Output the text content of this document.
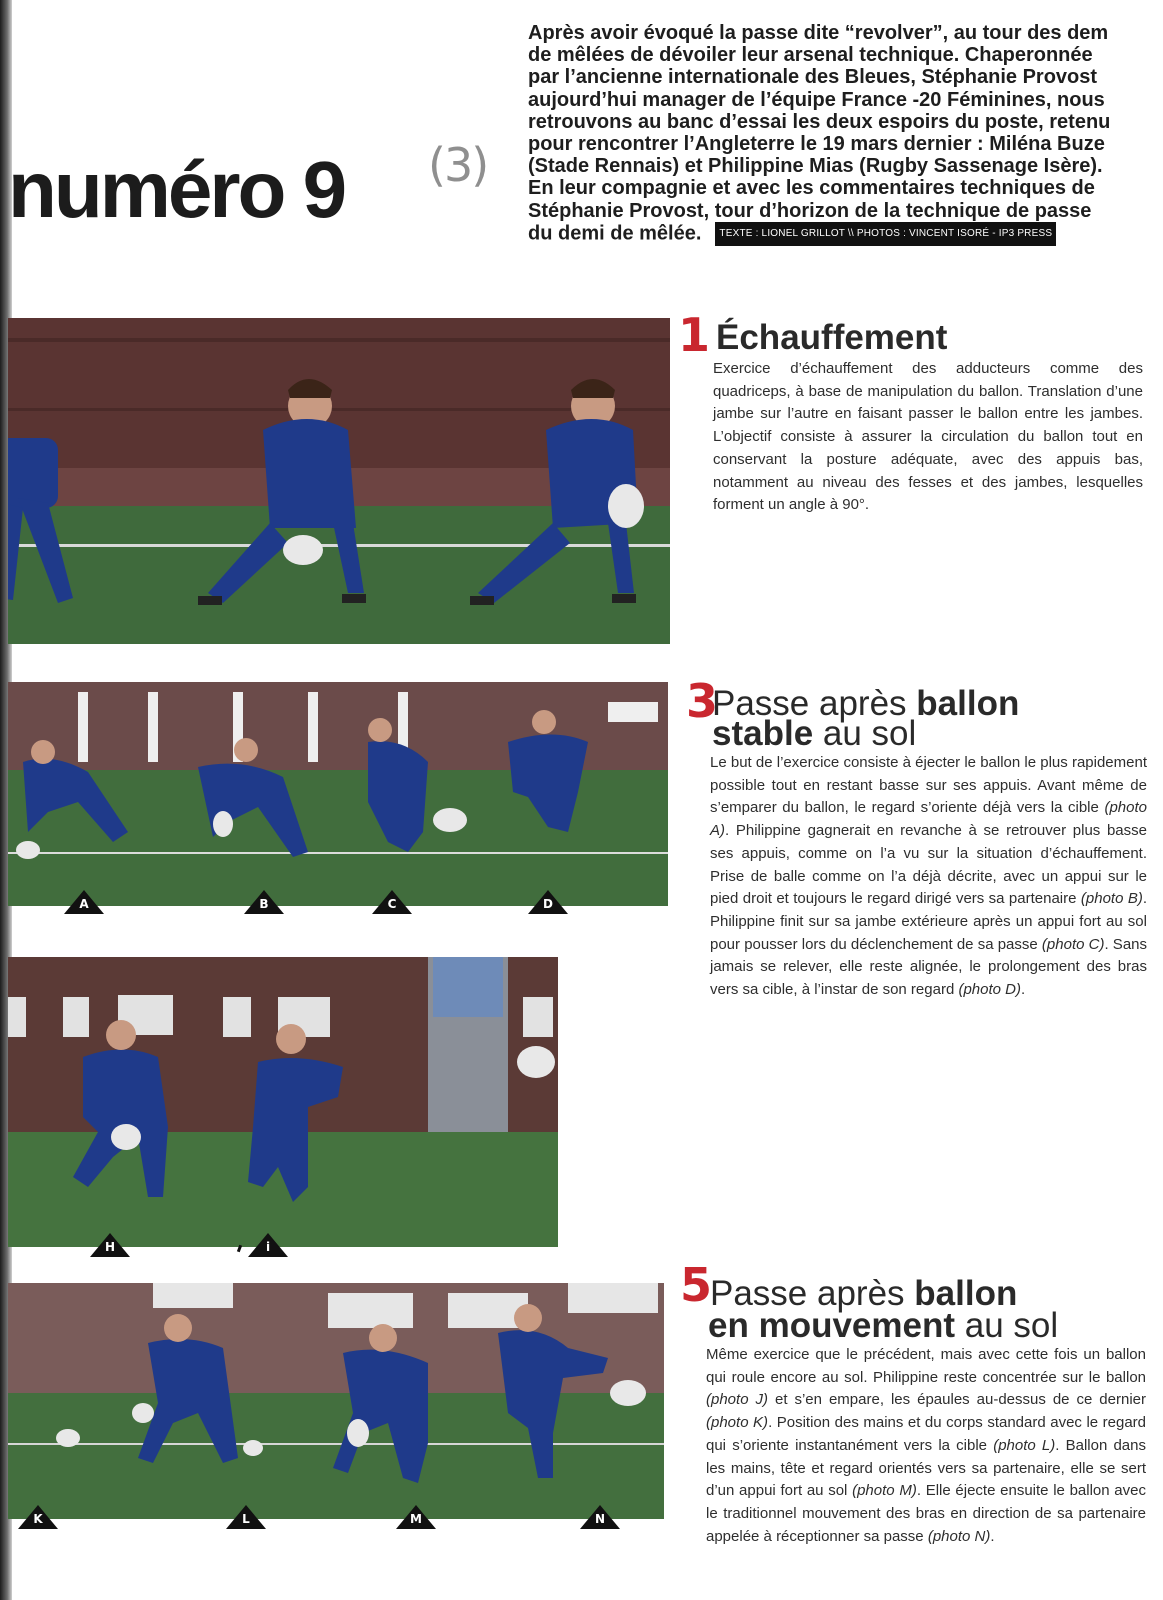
numéro 9 (3)

Après avoir évoqué la passe dite “revolver”, au tour des dem

de mêlées de dévoiler leur arsenal technique. Chaperonnée

par l’ancienne internationale des Bleues, Stéphanie Provost

aujourd’hui manager de l’équipe France -20 Féminines, nous

retrouvons au banc d’essai les deux espoirs du poste, retenu

pour rencontrer l’Angleterre le 19 mars dernier : Miléna Buze

(Stade Rennais) et Philippine Mias (Rugby Sassenage Isère).

En leur compagnie et avec les commentaires techniques de

Stéphanie Provost, tour d’horizon de la technique de passe

du demi de mêlée. TEXTE : LIONEL GRILLOT \\ PHOTOS : VINCENT ISORÉ - IP3 PRESS

1 Échauffement
Exercice d’échauffement des adducteurs comme des quadriceps, à base de manipulation du ballon. Translation d’une jambe sur l’autre en faisant passer le ballon entre les jambes. L’objectif consiste à assurer la circulation du ballon tout en conservant la posture adéquate, avec des appuis bas, notamment au niveau des fesses et des jambes, lesquelles forment un angle à 90°.
A	B	C	D
3
Passe après ballon
stable au sol
Le but de l’exercice consiste à éjecter le ballon le plus rapidement possible tout en restant basse sur ses appuis. Avant même de s’emparer du ballon, le regard s’oriente déjà vers la cible (photo A). Philippine gagnerait en revanche à se retrouver plus basse ses appuis, comme on l’a vu sur la situation d’échauffement. Prise de balle comme on l’a déjà décrite, avec un appui sur le pied droit et toujours le regard dirigé vers sa partenaire (photo B). Philippine finit sur sa jambe extérieure après un appui fort au sol pour pousser lors du déclenchement de sa passe (photo C). Sans jamais se relever, elle reste alignée, le prolongement des bras vers sa cible, à l’instar de son regard (photo D).
H	i
K	L	M	N
5
Passe après ballon
en mouvement au sol
Même exercice que le précédent, mais avec cette fois un ballon qui roule encore au sol. Philippine reste concentrée sur le ballon (photo J) et s’en empare, les épaules au-dessus de ce dernier (photo K). Position des mains et du corps standard avec le regard qui s’oriente instantanément vers la cible (photo L). Ballon dans les mains, tête et regard orientés vers sa partenaire, elle se sert d’un appui fort au sol (photo M). Elle éjecte ensuite le ballon avec le traditionnel mouvement des bras en direction de sa partenaire appelée à réceptionner sa passe (photo N).
